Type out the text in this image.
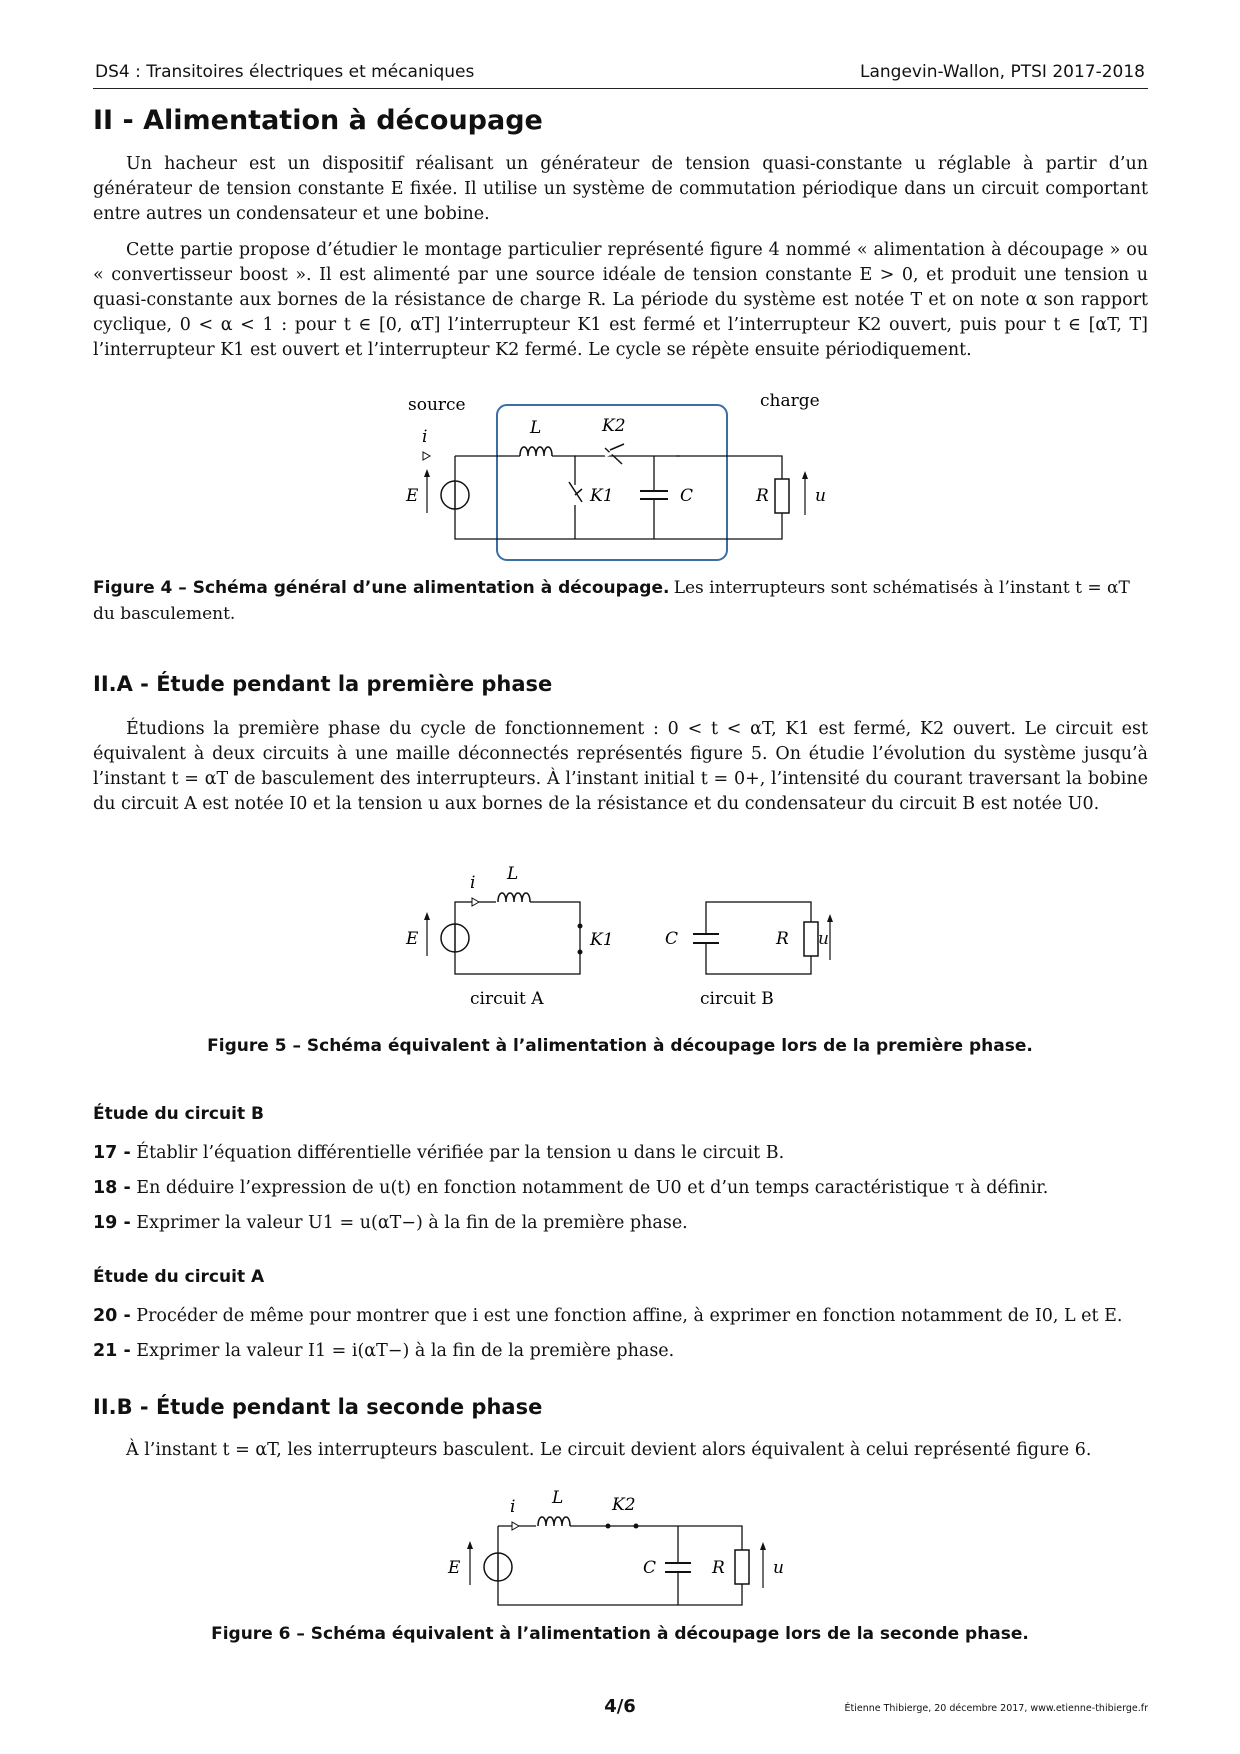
DS4 : Transitoires électriques et mécaniques	Langevin-Wallon, PTSI 2017-2018
II - Alimentation à découpage

Un hacheur est un dispositif réalisant un générateur de tension quasi-constante u réglable à partir d’un générateur de tension constante E fixée. Il utilise un système de commutation périodique dans un circuit comportant entre autres un condensateur et une bobine.

Cette partie propose d’étudier le montage particulier représenté figure 4 nommé « alimentation à découpage » ou « convertisseur boost ». Il est alimenté par une source idéale de tension constante E > 0, et produit une tension u quasi-constante aux bornes de la résistance de charge R. La période du système est notée T et on note α son rapport cyclique, 0 < α < 1 : pour t ∈ [0, αT] l’interrupteur K1 est fermé et l’interrupteur K2 ouvert, puis pour t ∈ [αT, T] l’interrupteur K1 est ouvert et l’interrupteur K2 fermé. Le cycle se répète ensuite périodiquement.

source	charge
E
i	L	K2
K1	C	R	u
Figure 4 – Schéma général d’une alimentation à découpage. Les interrupteurs sont schématisés à l’instant t = αT du basculement.
II.A - Étude pendant la première phase

Étudions la première phase du cycle de fonctionnement : 0 < t < αT, K1 est fermé, K2 ouvert. Le circuit est équivalent à deux circuits à une maille déconnectés représentés figure 5. On étudie l’évolution du système jusqu’à l’instant t = αT de basculement des interrupteurs. À l’instant initial t = 0+, l’intensité du courant traversant la bobine du circuit A est notée I0 et la tension u aux bornes de la résistance et du condensateur du circuit B est notée U0.

E
i L
K1
circuit A
C	R
circuit B
u
Figure 5 – Schéma équivalent à l’alimentation à découpage lors de la première phase.
Étude du circuit B
17 - Établir l’équation différentielle vérifiée par la tension u dans le circuit B.
18 - En déduire l’expression de u(t) en fonction notamment de U0 et d’un temps caractéristique τ à définir.
19 - Exprimer la valeur U1 = u(αT−) à la fin de la première phase.
Étude du circuit A
20 - Procéder de même pour montrer que i est une fonction affine, à exprimer en fonction notamment de I0, L et E.
21 - Exprimer la valeur I1 = i(αT−) à la fin de la première phase.
II.B - Étude pendant la seconde phase

À l’instant t = αT, les interrupteurs basculent. Le circuit devient alors équivalent à celui représenté figure 6.

E
i L	K2
C	R	u
Figure 6 – Schéma équivalent à l’alimentation à découpage lors de la seconde phase.
4/6	Étienne Thibierge, 20 décembre 2017, www.etienne-thibierge.fr
